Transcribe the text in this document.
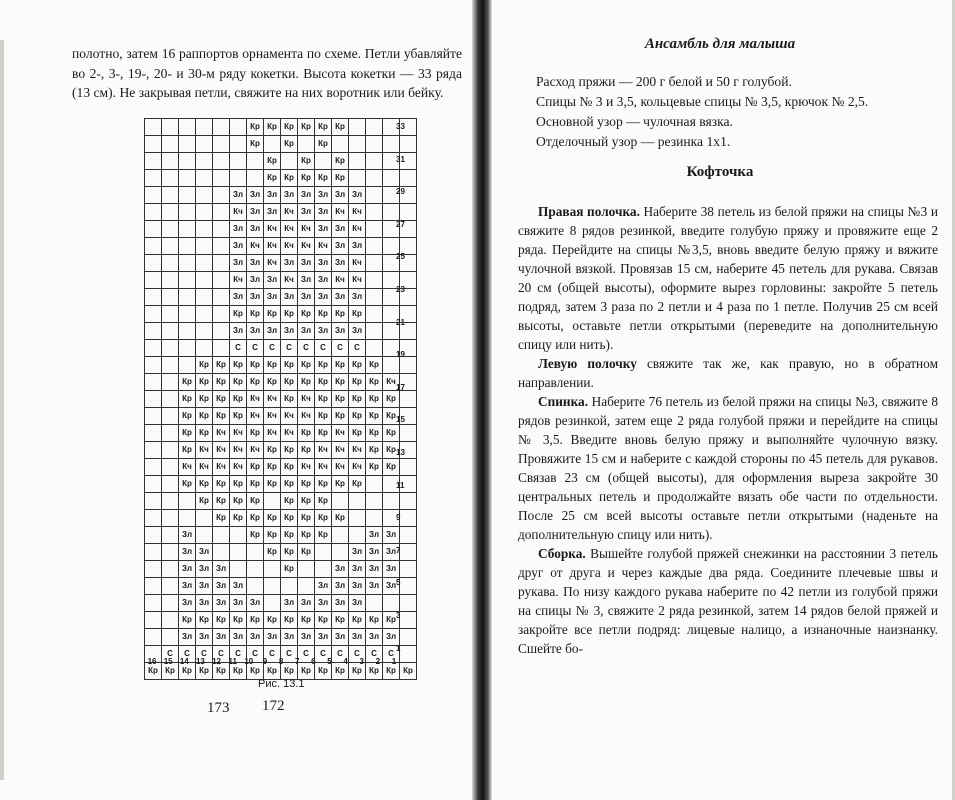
полотно, затем 16 раппортов орнамента по схеме. Петли убавляйте во 2-, 3-, 19-, 20- и 30-м ряду кокетки. Высота кокетки — 33 ряда (13 см). Не закрывая петли, свяжите на них воротник или бейку.

						Кр	Кр	Кр	Кр	Кр	Кр				
						Кр		Кр		Кр					
							Кр		Кр		Кр				
							Кр	Кр	Кр	Кр	Кр				
					Зл	Зл	Зл	Зл	Зл	Зл	Зл	Зл			
					Кч	Зл	Зл	Кч	Зл	Зл	Кч	Кч			
					Зл	Зл	Кч	Кч	Кч	Зл	Зл	Кч			
					Зл	Кч	Кч	Кч	Кч	Кч	Зл	Зл			
					Зл	Зл	Кч	Зл	Зл	Зл	Зл	Кч			
					Кч	Зл	Зл	Кч	Зл	Зл	Кч	Кч			
					Зл	Зл	Зл	Зл	Зл	Зл	Зл	Зл			
					Кр	Кр	Кр	Кр	Кр	Кр	Кр	Кр			
					Зл	Зл	Зл	Зл	Зл	Зл	Зл	Зл			
					С	С	С	С	С	С	С	С			
			Кр	Кр	Кр	Кр	Кр	Кр	Кр	Кр	Кр	Кр	Кр		
		Кр	Кр	Кр	Кр	Кр	Кр	Кр	Кр	Кр	Кр	Кр	Кр	Кч	
		Кр	Кр	Кр	Кр	Кч	Кч	Кр	Кч	Кр	Кр	Кр	Кр	Кр	
		Кр	Кр	Кр	Кр	Кч	Кч	Кч	Кч	Кр	Кр	Кр	Кр	Кр	
		Кр	Кр	Кч	Кч	Кр	Кч	Кч	Кр	Кр	Кч	Кр	Кр	Кр	
		Кр	Кч	Кч	Кч	Кч	Кр	Кр	Кр	Кч	Кч	Кч	Кр	Кр	
		Кч	Кч	Кч	Кч	Кр	Кр	Кр	Кч	Кч	Кч	Кч	Кр	Кр	
		Кр	Кр	Кр	Кр	Кр	Кр	Кр	Кр	Кр	Кр	Кр			
			Кр	Кр	Кр	Кр		Кр	Кр	Кр					
				Кр	Кр	Кр	Кр	Кр	Кр	Кр	Кр				
		Зл				Кр	Кр	Кр	Кр	Кр			Зл	Зл	
		Зл	Зл				Кр	Кр	Кр			Зл	Зл	Зл	
		Зл	Зл	Зл				Кр			Зл	Зл	Зл	Зл	
		Зл	Зл	Зл	Зл					Зл	Зл	Зл	Зл	Зл	
		Зл	Зл	Зл	Зл	Зл		Зл	Зл	Зл	Зл	Зл			
		Кр	Кр	Кр	Кр	Кр	Кр	Кр	Кр	Кр	Кр	Кр	Кр	Кр	
		Зл	Зл	Зл	Зл	Зл	Зл	Зл	Зл	Зл	Зл	Зл	Зл	Зл	
	С	С	С	С	С	С	С	С	С	С	С	С	С	С	
Кр	Кр	Кр	Кр	Кр	Кр	Кр	Кр	Кр	Кр	Кр	Кр	Кр	Кр	Кр	Кр
33
31
29
27
25
23
21
19
17
15
13
11
9
7
5
3
1
16 15 14 13 12 11 10	9	8	7	6	5	4	3	2	1
Рис. 13.1
172
Ансамбль для малыша

Расход пряжи — 200 г белой и 50 г голубой.

Спицы № 3 и 3,5, кольцевые спицы № 3,5, крючок № 2,5.

Основной узор — чулочная вязка.

Отделочный узор — резинка 1х1.

Кофточка

Правая полочка. Наберите 38 петель из белой пряжи на спицы №3 и свяжите 8 рядов резинкой, введите голубую пряжу и провяжите еще 2 ряда. Перейдите на спицы №3,5, вновь введите белую пряжу и вяжите чулочной вязкой. Провязав 15 см, наберите 45 петель для рукава. Связав 20 см (общей высоты), оформите вырез горловины: закройте 5 петель подряд, затем 3 раза по 2 петли и 4 раза по 1 петле. Получив 25 см всей высоты, оставьте петли открытыми (переведите на дополнительную спицу или нить).

Левую полочку свяжите так же, как правую, но в обратном направлении.

Спинка. Наберите 76 петель из белой пряжи на спицы №3, свяжите 8 рядов резинкой, затем еще 2 ряда голубой пряжи и перейдите на спицы № 3,5. Введите вновь белую пряжу и выполняйте чулочную вязку. Провяжите 15 см и наберите с каждой стороны по 45 петель для рукавов. Связав 23 см (общей высоты), для оформления выреза закройте 30 центральных петель и продолжайте вязать обе части по отдельности. После 25 см всей высоты оставьте петли открытыми (наденьте на дополнительную спицу или нить).

Сборка. Вышейте голубой пряжей снежинки на расстоянии 3 петель друг от друга и через каждые два ряда. Соедините плечевые швы и рукава. По низу каждого рукава наберите по 42 петли из голубой пряжи на спицы № 3, свяжите 2 ряда резинкой, затем 14 рядов белой пряжей и закройте все петли подряд: лицевые налицо, а изнаночные наизнанку. Сшейте бо-

173
